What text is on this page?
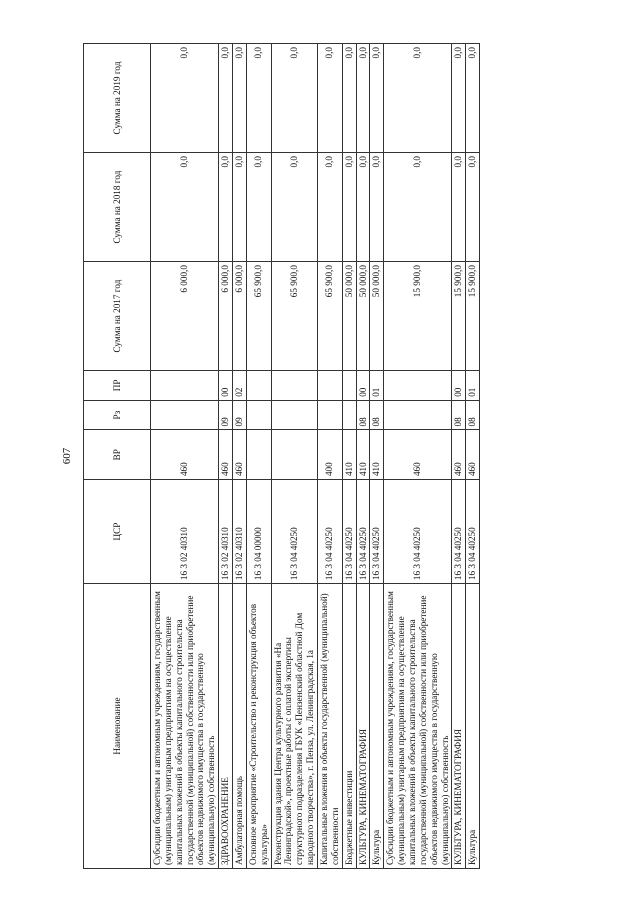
607
Наименование	ЦСР	ВР	Рз	ПР	Сумма на 2017 год	Сумма на 2018 год	Сумма на 2019 год
Субсидии бюджетным и автономным учреждениям, государственным (муниципальным) унитарным предприятиям на осуществление капитальных вложений в объекты капитального строительства государственной (муниципальной) собственности или приобретение объектов недвижимого имущества в государственную (муниципальную) собственность	16 3 02 40310	460			6 000,0	0,0	0,0
ЗДРАВООХРАНЕНИЕ	16 3 02 40310	460	09	00	6 000,0	0,0	0,0
Амбулаторная помощь	16 3 02 40310	460	09	02	6 000,0	0,0	0,0
Основное мероприятие «Строительство и реконструкция объектов культуры»	16 3 04 00000				65 900,0	0,0	0,0
Реконструкция здания Центра культурного развития «На Ленинградской», проектные работы с оплатой экспертизы структурного подразделения ГБУК «Пензенский областной Дом народного творчества», г. Пенза, ул. Ленинградская, 1а	16 3 04 40250				65 900,0	0,0	0,0
Капитальные вложения в объекты государственной (муниципальной) собственности	16 3 04 40250	400			65 900,0	0,0	0,0
Бюджетные инвестиции	16 3 04 40250	410			50 000,0	0,0	0,0
КУЛЬТУРА, КИНЕМАТОГРАФИЯ	16 3 04 40250	410	08	00	50 000,0	0,0	0,0
Культура	16 3 04 40250	410	08	01	50 000,0	0,0	0,0
Субсидии бюджетным и автономным учреждениям, государственным (муниципальным) унитарным предприятиям на осуществление капитальных вложений в объекты капитального строительства государственной (муниципальной) собственности или приобретение объектов недвижимого имущества в государственную (муниципальную) собственность	16 3 04 40250	460			15 900,0	0,0	0,0
КУЛЬТУРА, КИНЕМАТОГРАФИЯ	16 3 04 40250	460	08	00	15 900,0	0,0	0,0
Культура	16 3 04 40250	460	08	01	15 900,0	0,0	0,0
